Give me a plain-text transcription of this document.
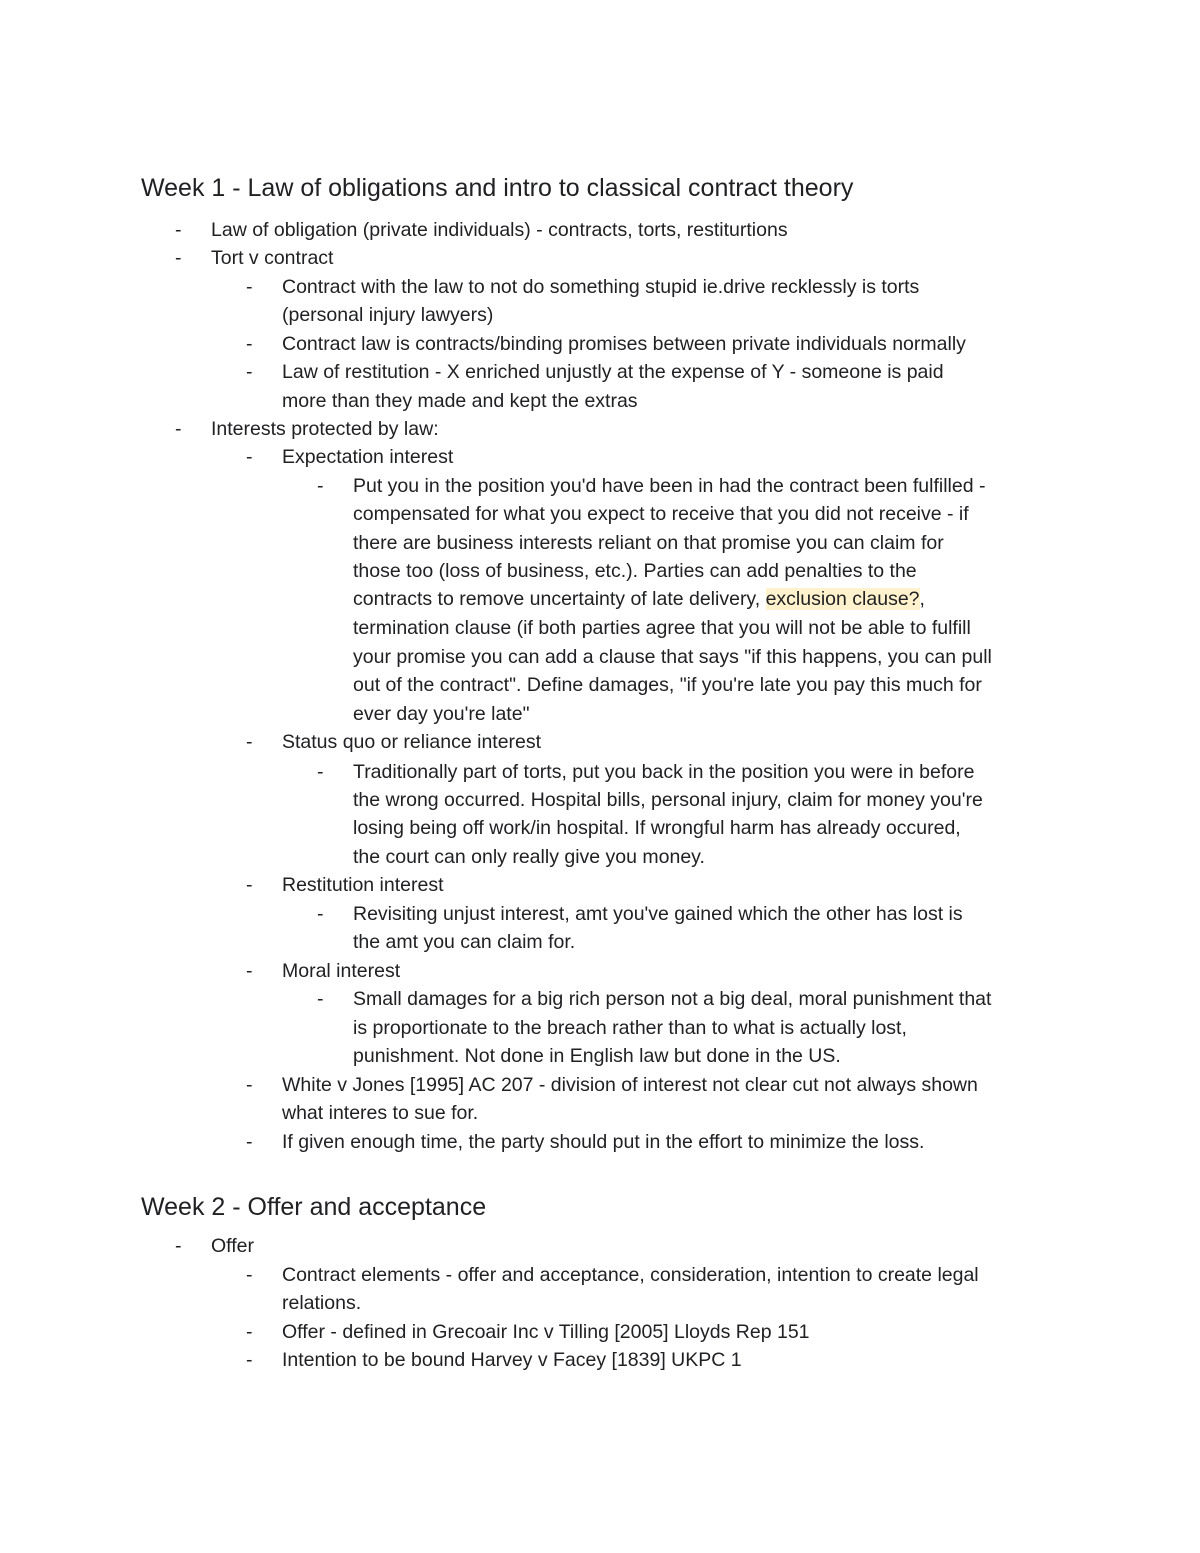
Week 1 - Law of obligations and intro to classical contract theory
- Law of obligation (private individuals) - contracts, torts, restiturtions
- Tort v contract
- Contract with the law to not do something stupid ie.drive recklessly is torts
(personal injury lawyers)
- Contract law is contracts/binding promises between private individuals normally
- Law of restitution - X enriched unjustly at the expense of Y - someone is paid
more than they made and kept the extras
- Interests protected by law:
- Expectation interest
- Put you in the position you'd have been in had the contract been fulfilled -
compensated for what you expect to receive that you did not receive - if
there are business interests reliant on that promise you can claim for
those too (loss of business, etc.). Parties can add penalties to the
contracts to remove uncertainty of late delivery, exclusion clause?,
termination clause (if both parties agree that you will not be able to fulfill
your promise you can add a clause that says "if this happens, you can pull
out of the contract". Define damages, "if you're late you pay this much for
ever day you're late"
- Status quo or reliance interest
- Traditionally part of torts, put you back in the position you were in before
the wrong occurred. Hospital bills, personal injury, claim for money you're
losing being off work/in hospital. If wrongful harm has already occured,
the court can only really give you money.
- Restitution interest
- Revisiting unjust interest, amt you've gained which the other has lost is
the amt you can claim for.
- Moral interest
- Small damages for a big rich person not a big deal, moral punishment that
is proportionate to the breach rather than to what is actually lost,
punishment. Not done in English law but done in the US.
- White v Jones [1995] AC 207 - division of interest not clear cut not always shown
what interes to sue for.
- If given enough time, the party should put in the effort to minimize the loss.
Week 2 - Offer and acceptance
- Offer
- Contract elements - offer and acceptance, consideration, intention to create legal
relations.
- Offer - defined in Grecoair Inc v Tilling [2005] Lloyds Rep 151
- Intention to be bound Harvey v Facey [1839] UKPC 1
